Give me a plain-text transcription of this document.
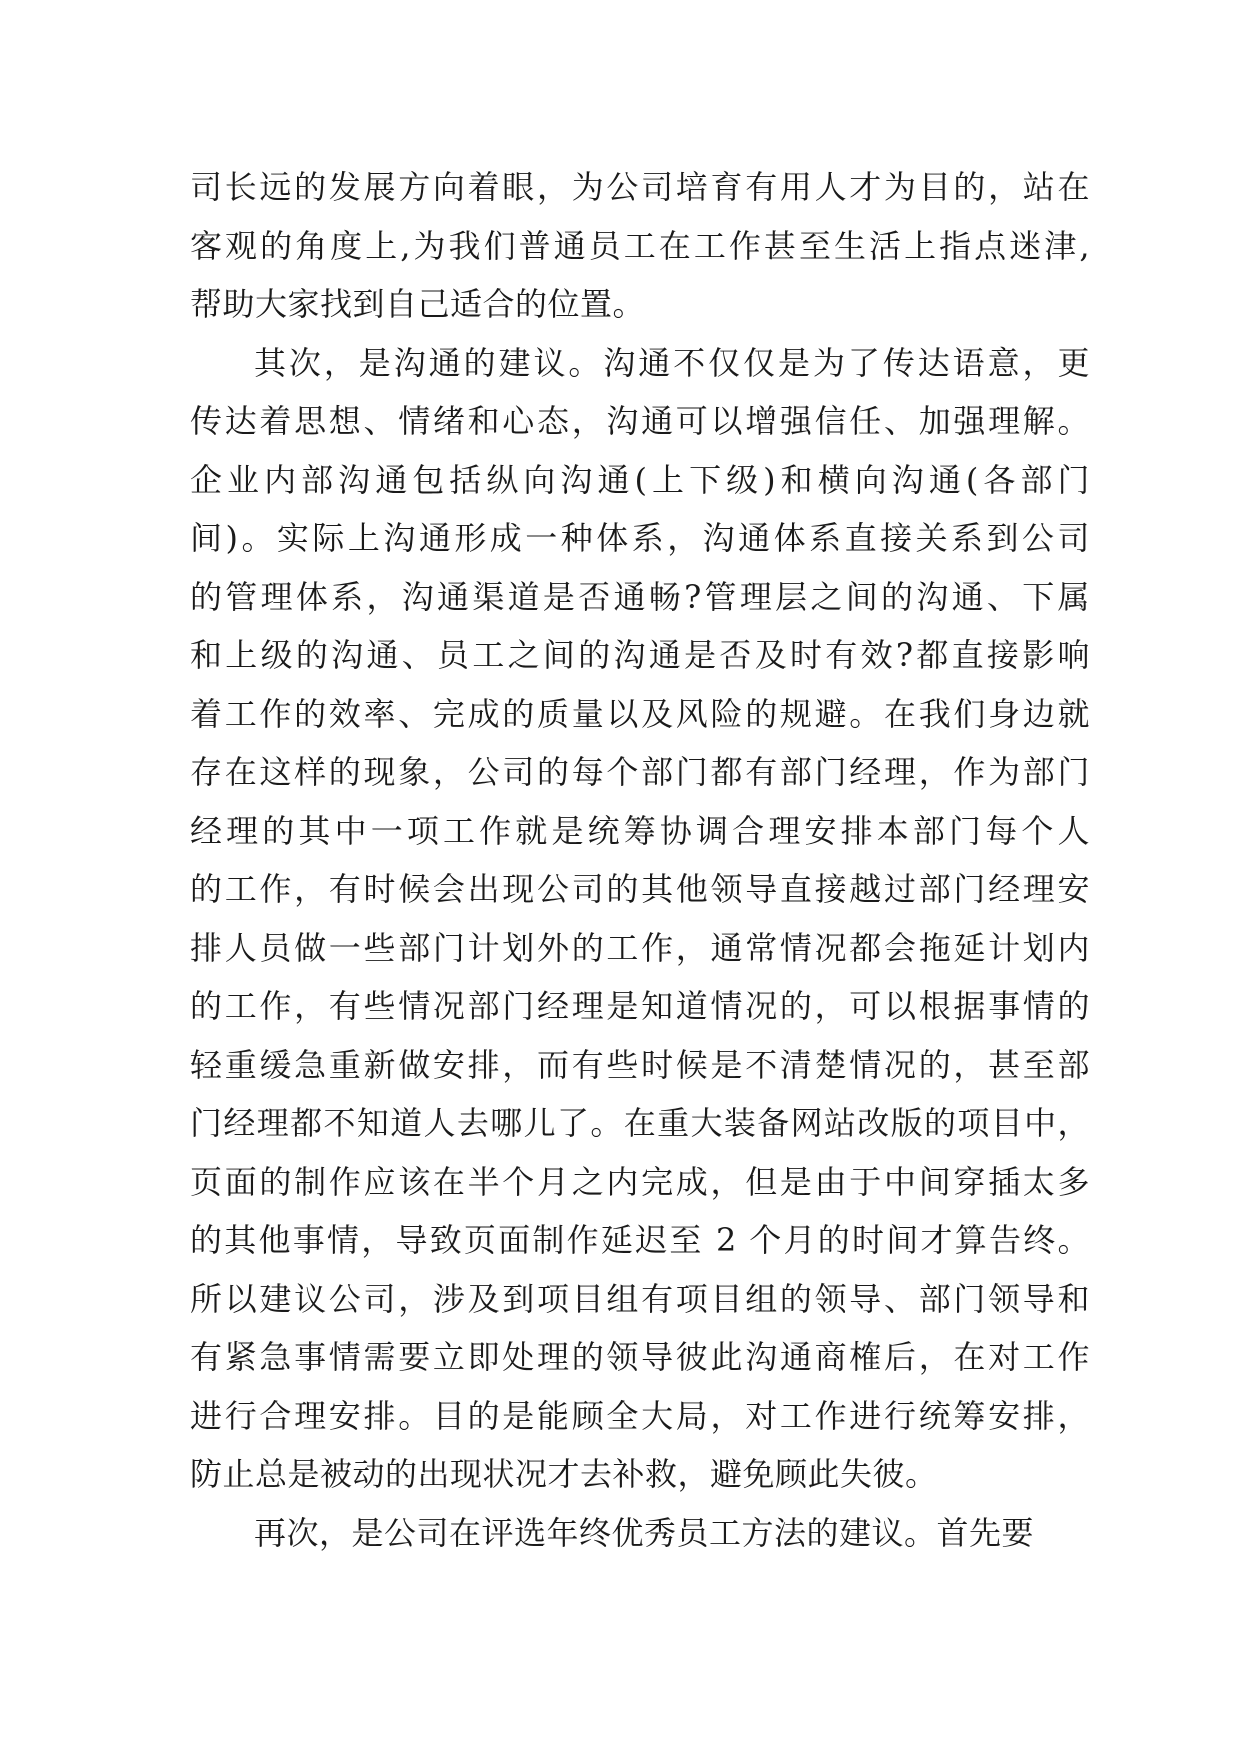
司长远的发展方向着眼，为公司培育有用人才为目的，站在
客观的角度上,为我们普通员工在工作甚至生活上指点迷津,
帮助大家找到自己适合的位置。
其次，是沟通的建议。沟通不仅仅是为了传达语意，更
传达着思想、情绪和心态，沟通可以增强信任、加强理解。
企业内部沟通包括纵向沟通(上下级)和横向沟通(各部门
间)。实际上沟通形成一种体系，沟通体系直接关系到公司
的管理体系，沟通渠道是否通畅?管理层之间的沟通、下属
和上级的沟通、员工之间的沟通是否及时有效?都直接影响
着工作的效率、完成的质量以及风险的规避。在我们身边就
存在这样的现象，公司的每个部门都有部门经理，作为部门
经理的其中一项工作就是统筹协调合理安排本部门每个人
的工作，有时候会出现公司的其他领导直接越过部门经理安
排人员做一些部门计划外的工作，通常情况都会拖延计划内
的工作，有些情况部门经理是知道情况的，可以根据事情的
轻重缓急重新做安排，而有些时候是不清楚情况的，甚至部
门经理都不知道人去哪儿了。在重大装备网站改版的项目中，
页面的制作应该在半个月之内完成，但是由于中间穿插太多
的其他事情，导致页面制作延迟至 2 个月的时间才算告终。
所以建议公司，涉及到项目组有项目组的领导、部门领导和
有紧急事情需要立即处理的领导彼此沟通商榷后，在对工作
进行合理安排。目的是能顾全大局，对工作进行统筹安排，
防止总是被动的出现状况才去补救，避免顾此失彼。
再次，是公司在评选年终优秀员工方法的建议。首先要
